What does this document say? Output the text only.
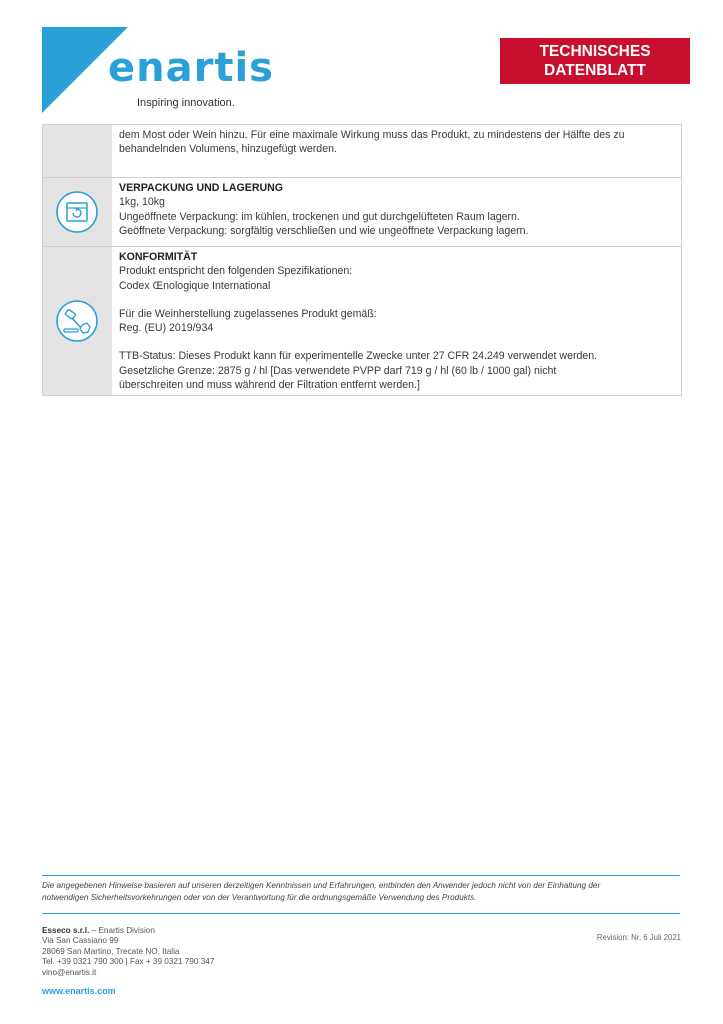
enartis
Inspiring innovation.
TECHNISCHES
DATENBLATT

dem Most oder Wein hinzu. Für eine maximale Wirkung muss das Produkt, zu mindestens der Hälfte des zu

behandelnden Volumens, hinzugefügt werden.

VERPACKUNG UND LAGERUNG

1kg, 10kg

Ungeöffnete Verpackung: im kühlen, trockenen und gut durchgelüfteten Raum lagern.

Geöffnete Verpackung: sorgfältig verschließen und wie ungeöffnete Verpackung lagern.

KONFORMITÄT

Produkt entspricht den folgenden Spezifikationen:

Codex Œnologique International

Für die Weinherstellung zugelassenes Produkt gemäß:

Reg. (EU) 2019/934

TTB-Status: Dieses Produkt kann für experimentelle Zwecke unter 27 CFR 24.249 verwendet werden.

Gesetzliche Grenze: 2875 g / hl [Das verwendete PVPP darf 719 g / hl (60 lb / 1000 gal) nicht

überschreiten und muss während der Filtration entfernt werden.]

Die angegebenen Hinweise basieren auf unseren derzeitigen Kenntnissen und Erfahrungen, entbinden den Anwender jedoch nicht von der Einhaltung der
notwendigen Sicherheitsvorkehrungen oder von der Verantwortung für die ordnungsgemäße Verwendung des Produkts.
Esseco s.r.l. – Enartis Division
Via San Cassiano 99
28069 San Martino, Trecate NO, Italia
Tel. +39 0321 790 300 | Fax + 39 0321 790 347
vino@enartis.it
Revision: Nr. 6 Juli 2021
www.enartis.com
